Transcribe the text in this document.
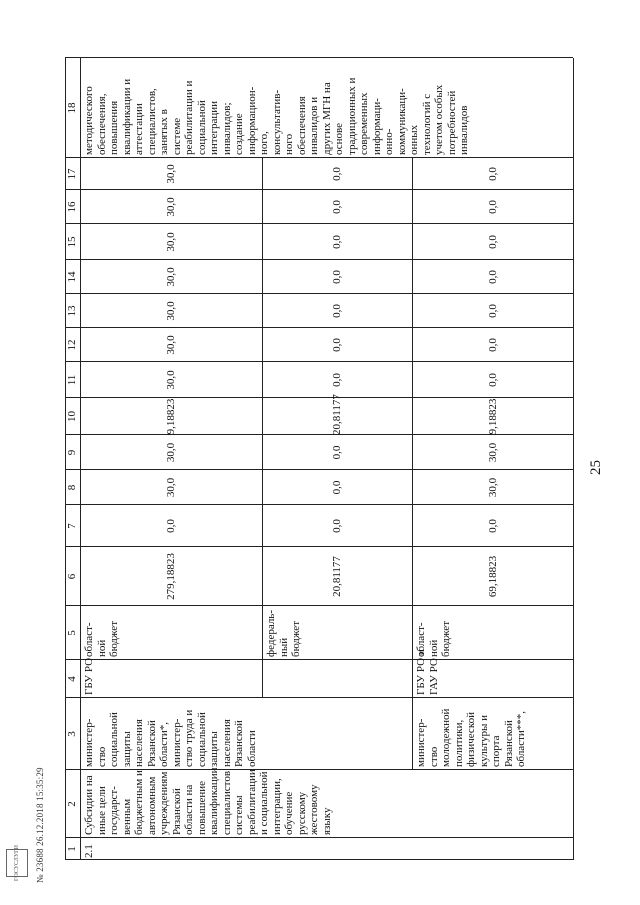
25
ГОСУСЛУГИ	№ 23688 26.12.2018 15:35:29 1
2
3
4
5
6
7
8
9
10
11
12
13
14
15
16
17
18
2.1
Субсидии на иные цели государст- венным бюджетным и автономным учреждениям Рязанской области на повышение квалификации специалистов системы реабилитации и социальной интеграции, обучение русскому жестовому языку
методического обеспечения, повышения квалификации и аттестации специалистов, занятых в системе реабилитации и социальной интеграции инвалидов; создание информацион- ного, консультатив- ного обеспечения инвалидов и других МГН на основе традиционных и современных информаци- онно- коммуникаци- онных технологий с учетом особых потребностей инвалидов
министер- ство социальной защиты населения Рязанской области*, министер- ство труда и социальной защиты населения Рязанской области
ГБУ РО
област- ной бюджет
279,18823
0,0
30,0
30,0
9,18823
30,0
30,0
30,0
30,0
30,0
30,0
30,0
федераль- ный бюджет
20,81177
0,0
0,0
0,0
20,81177
0,0
0,0
0,0
0,0
0,0
0,0
0,0
министер- ство молодежной политики, физической культуры и спорта Рязанской области***,
ГБУ РО и ГАУ РО
област- ной бюджет
69,18823
0,0
30,0
30,0
9,18823
0,0
0,0
0,0
0,0
0,0
0,0
0,0
